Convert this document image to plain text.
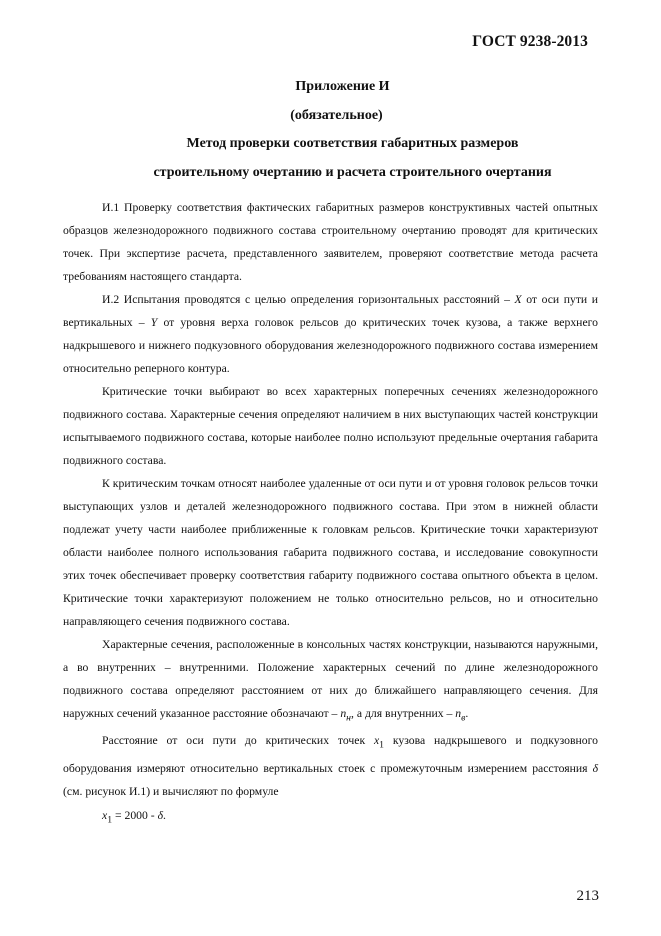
ГОСТ 9238-2013
Приложение И
(обязательное)
Метод проверки соответствия габаритных размеров
строительному очертанию и расчета строительного очертания

И.1 Проверку соответствия фактических габаритных размеров конструктивных частей опытных образцов железнодорожного подвижного состава строительному очертанию проводят для критических точек. При экспертизе расчета, представленного заявителем, проверяют соответствие метода расчета требованиям настоящего стандарта.

И.2 Испытания проводятся с целью определения горизонтальных расстояний – X от оси пути и вертикальных – Y от уровня верха головок рельсов до критических точек кузова, а также верхнего надкрышевого и нижнего подкузовного оборудования железнодорожного подвижного состава измерением относительно реперного контура.

Критические точки выбирают во всех характерных поперечных сечениях железнодорожного подвижного состава. Характерные сечения определяют наличием в них выступающих частей конструкции испытываемого подвижного состава, которые наиболее полно используют предельные очертания габарита подвижного состава.

К критическим точкам относят наиболее удаленные от оси пути и от уровня головок рельсов точки выступающих узлов и деталей железнодорожного подвижного состава. При этом в нижней области подлежат учету части наиболее приближенные к головкам рельсов. Критические точки характеризуют области наиболее полного использования габарита подвижного состава, и исследование совокупности этих точек обеспечивает проверку соответствия габариту подвижного состава опытного объекта в целом. Критические точки характеризуют положением не только относительно рельсов, но и относительно направляющего сечения подвижного состава.

Характерные сечения, расположенные в консольных частях конструкции, называются наружными, а во внутренних – внутренними. Положение характерных сечений по длине железнодорожного подвижного состава определяют расстоянием от них до ближайшего направляющего сечения. Для наружных сечений указанное расстояние обозначают – $n_н$, а для внутренних – $n_в$.

Расстояние от оси пути до критических точек $x_1$ кузова надкрышевого и подкузовного оборудования измеряют относительно вертикальных стоек с промежуточным измерением расстояния δ (см. рисунок И.1) и вычисляют по формуле

$x_1 = 2000 - \delta$.

213
